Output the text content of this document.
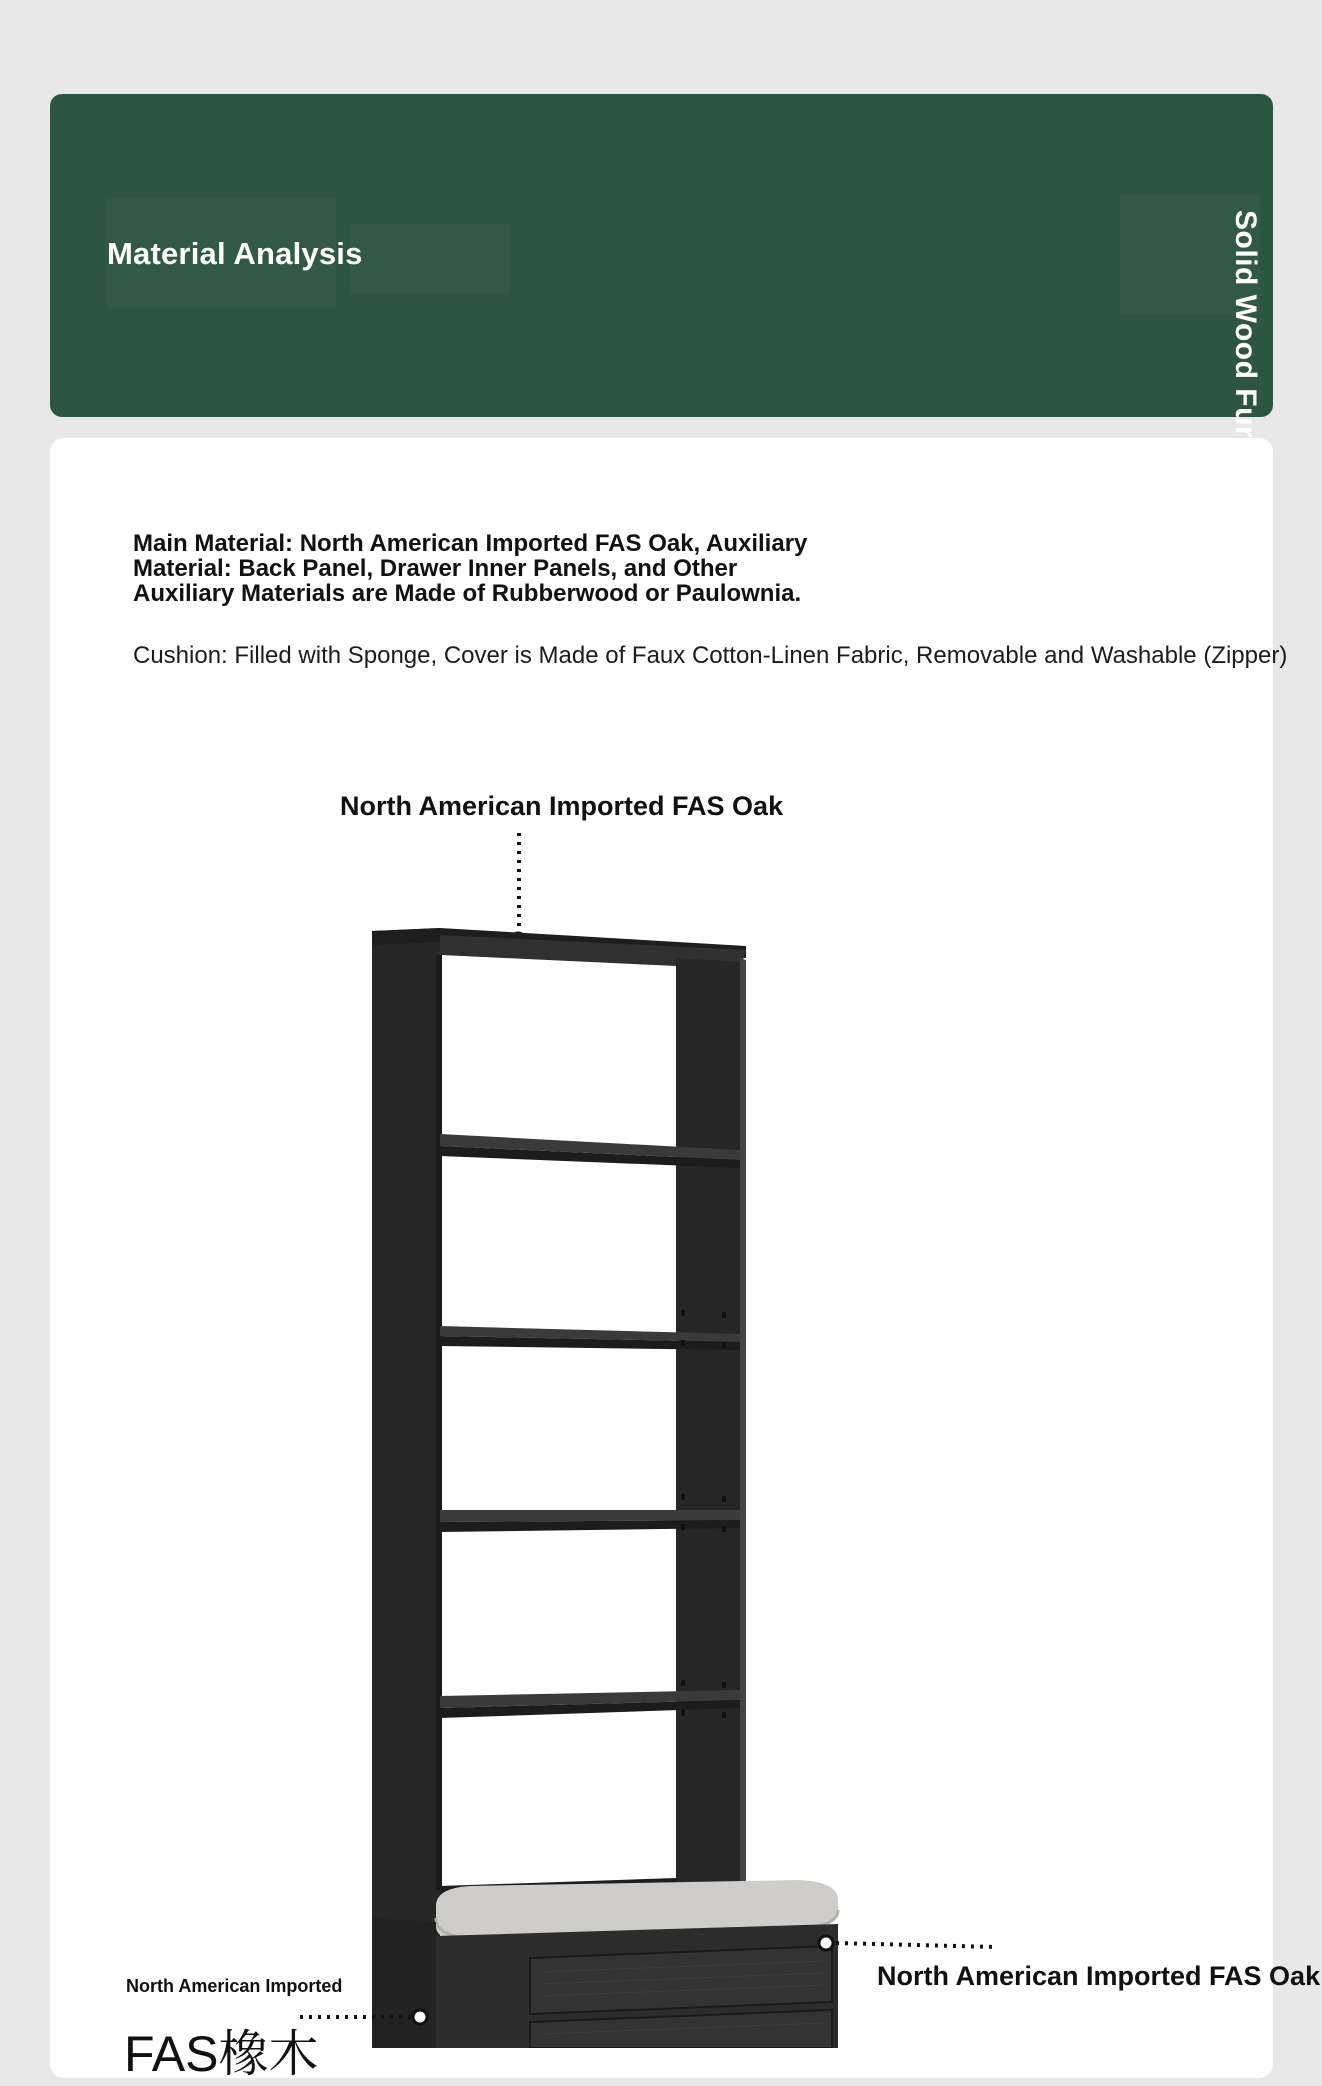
Material Analysis	Solid Wood Furniture
Main Material: North American Imported FAS Oak, Auxiliary Material: Back Panel, Drawer Inner Panels, and Other Auxiliary Materials are Made of Rubberwood or Paulownia.
Cushion: Filled with Sponge, Cover is Made of Faux Cotton-Linen Fabric, Removable and Washable (Zipper)
North American Imported FAS Oak
North American Imported FAS Oak
North American Imported
FAS橡木
